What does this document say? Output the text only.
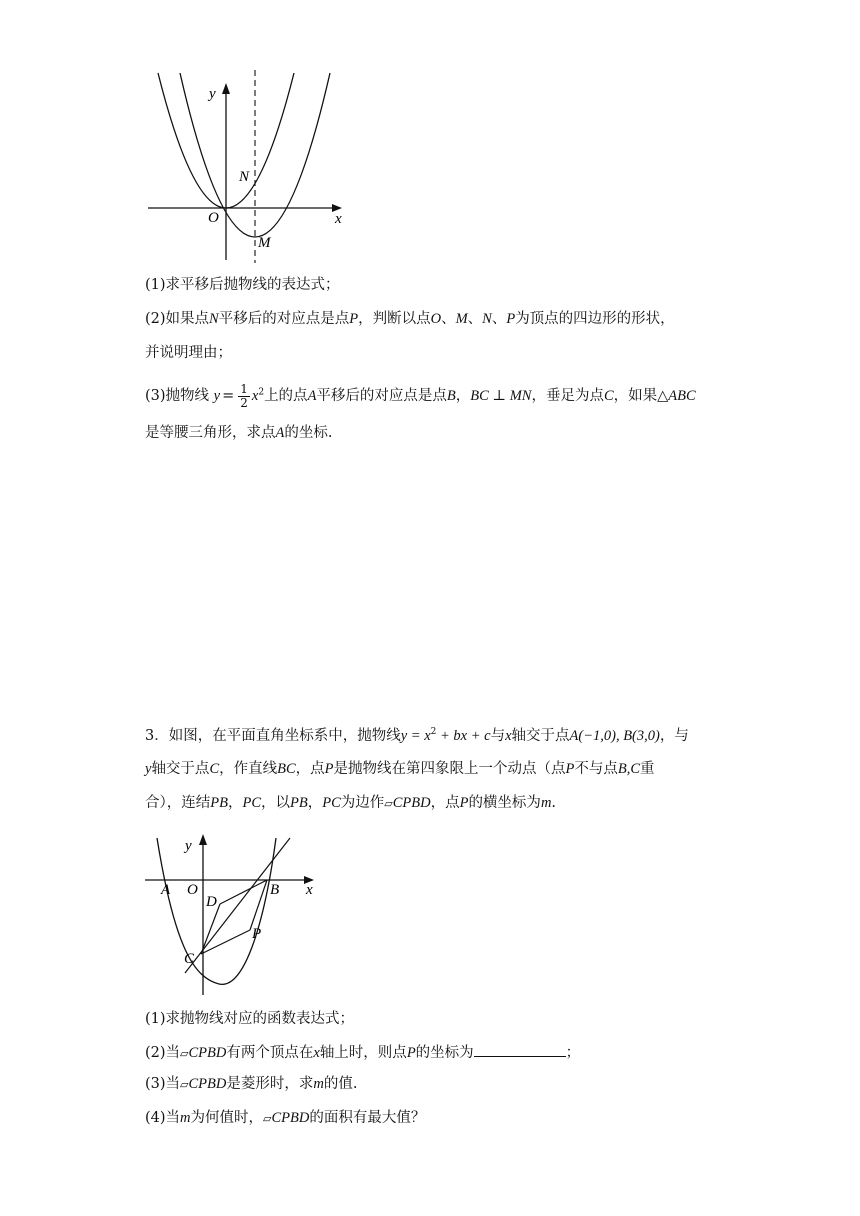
y
x
O
N
M
(1)求平移后抛物线的表达式；
(2)如果点N平移后的对应点是点P，判断以点O、M、N、P为顶点的四边形的形状，
并说明理由；
(3)抛物线 $y = \frac{1}{2} x^2$上的点A平移后的对应点是点B，BC ⊥ MN，垂足为点C，如果△ABC
是等腰三角形，求点A的坐标.
3．如图，在平面直角坐标系中，抛物线$y = x^2$ + bx + c与x轴交于点A(−1,0), B(3,0)，与
y轴交于点C，作直线BC，点P是抛物线在第四象限上一个动点（点P不与点B,C重
合），连结PB，PC，以PB，PC为边作▱CPBD，点P的横坐标为m.
y
x
A O	B
D
P
C
(1)求抛物线对应的函数表达式；
(2)当▱CPBD有两个顶点在x轴上时，则点P的坐标为	；
(3)当▱CPBD是菱形时，求m的值.
(4)当m为何值时，▱CPBD的面积有最大值？
